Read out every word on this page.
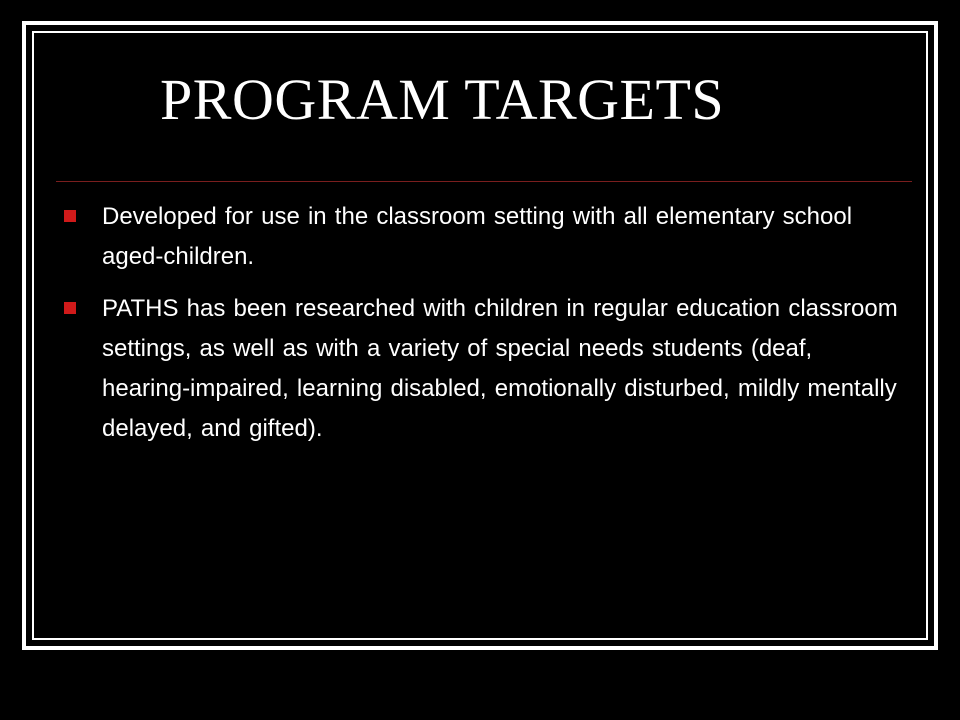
PROGRAM TARGETS
Developed for use in the classroom setting with all elementary school aged-children.
PATHS has been researched with children in regular education classroom settings, as well as with a variety of special needs students (deaf, hearing-impaired, learning disabled, emotionally disturbed, mildly mentally delayed, and gifted).
